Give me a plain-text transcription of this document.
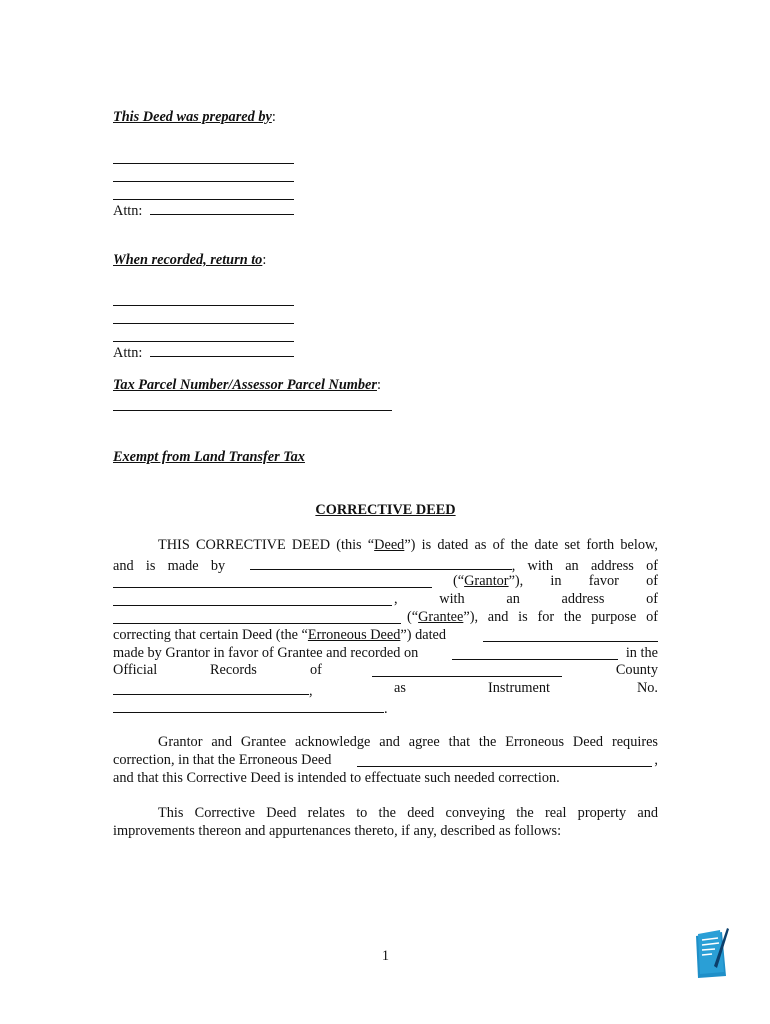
This Deed was prepared by:
Attn:
When recorded, return to:
Attn:
Tax Parcel Number/Assessor Parcel Number:
Exempt from Land Transfer Tax
CORRECTIVE DEED
THIS CORRECTIVE DEED (this “Deed”) is dated as of the date set forth below,
and is made by	, with an address of
(“Grantor”), in favor of
, with an address of
(“Grantee”), and is for the purpose of
correcting that certain Deed (the “Erroneous Deed”) dated
made by Grantor in favor of Grantee and recorded on	in the
Official	Records	of	County
,	as	Instrument	No.
.
Grantor and Grantee acknowledge and agree that the Erroneous Deed requires
correction, in that the Erroneous Deed	,
and that this Corrective Deed is intended to effectuate such needed correction.
This Corrective Deed relates to the deed conveying the real property and
improvements thereon and appurtenances thereto, if any, described as follows:
1
